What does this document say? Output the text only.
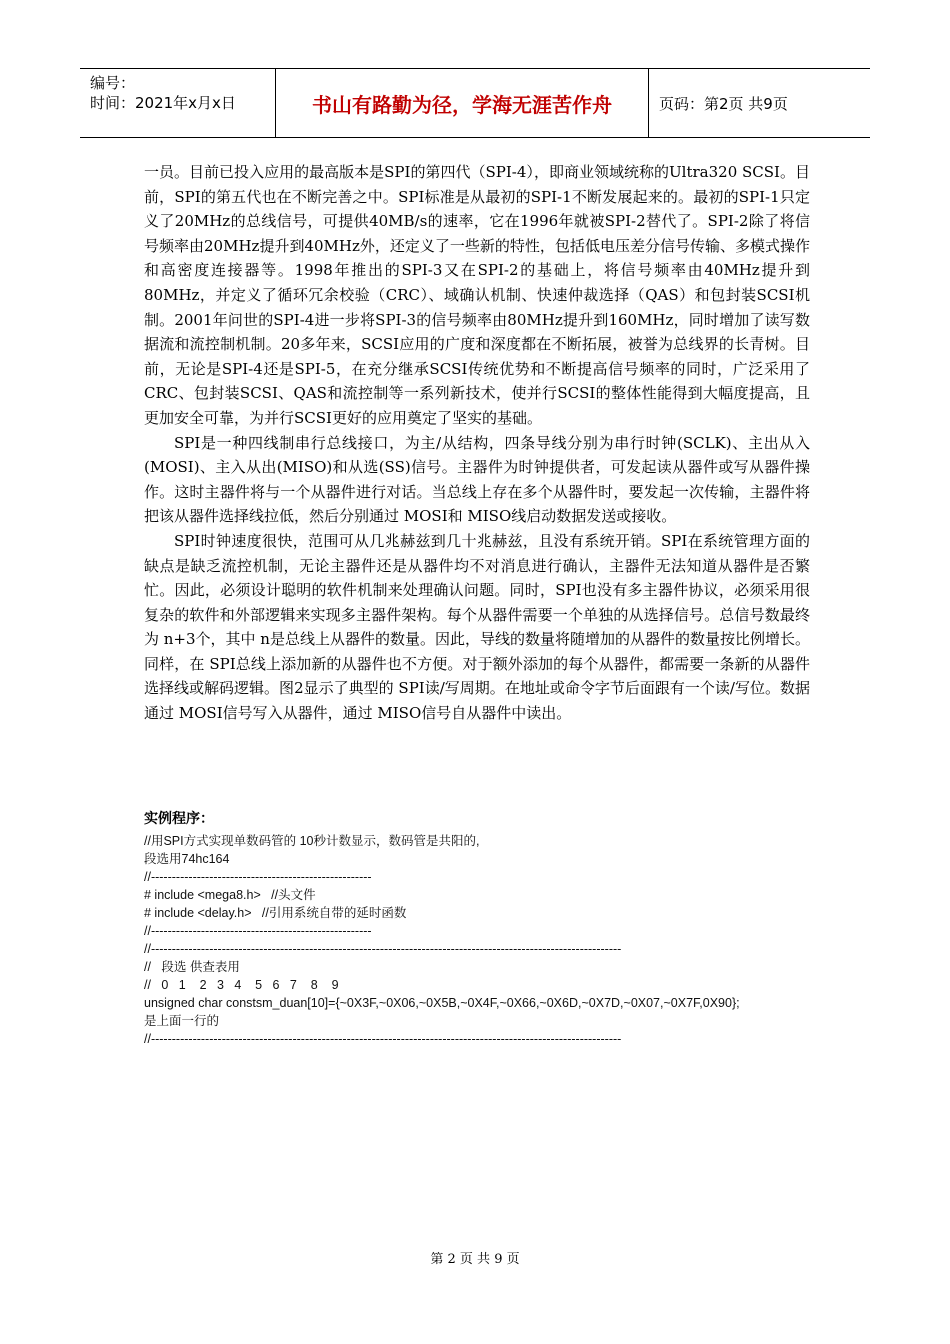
编号：
时间：2021年x月x日	书山有路勤为径，学海无涯苦作舟	页码：第2页 共9页

一员。目前已投入应用的最高版本是SPI的第四代（SPI-4），即商业领域统称的Ultra320 SCSI。目前，SPI的第五代也在不断完善之中。SPI标准是从最初的SPI-1不断发展起来的。最初的SPI-1只定义了20MHz的总线信号，可提供40MB/s的速率，它在1996年就被SPI-2替代了。SPI-2除了将信号频率由20MHz提升到40MHz外，还定义了一些新的特性，包括低电压差分信号传输、多模式操作和高密度连接器等。1998年推出的SPI-3又在SPI-2的基础上，将信号频率由40MHz提升到80MHz，并定义了循环冗余校验（CRC）、域确认机制、快速仲裁选择（QAS）和包封装SCSI机制。2001年问世的SPI-4进一步将SPI-3的信号频率由80MHz提升到160MHz，同时增加了读写数据流和流控制机制。20多年来，SCSI应用的广度和深度都在不断拓展，被誉为总线界的长青树。目前，无论是SPI-4还是SPI-5，在充分继承SCSI传统优势和不断提高信号频率的同时，广泛采用了CRC、包封装SCSI、QAS和流控制等一系列新技术，使并行SCSI的整体性能得到大幅度提高，且更加安全可靠，为并行SCSI更好的应用奠定了坚实的基础。

SPI是一种四线制串行总线接口，为主/从结构，四条导线分别为串行时钟(SCLK)、主出从入(MOSI)、主入从出(MISO)和从选(SS)信号。主器件为时钟提供者，可发起读从器件或写从器件操作。这时主器件将与一个从器件进行对话。当总线上存在多个从器件时，要发起一次传输，主器件将把该从器件选择线拉低，然后分别通过 MOSI和 MISO线启动数据发送或接收。

SPI时钟速度很快，范围可从几兆赫兹到几十兆赫兹，且没有系统开销。SPI在系统管理方面的缺点是缺乏流控机制，无论主器件还是从器件均不对消息进行确认，主器件无法知道从器件是否繁忙。因此，必须设计聪明的软件机制来处理确认问题。同时，SPI也没有多主器件协议，必须采用很复杂的软件和外部逻辑来实现多主器件架构。每个从器件需要一个单独的从选择信号。总信号数最终为 n+3个，其中 n是总线上从器件的数量。因此，导线的数量将随增加的从器件的数量按比例增长。同样，在 SPI总线上添加新的从器件也不方便。对于额外添加的每个从器件，都需要一条新的从器件选择线或解码逻辑。图2显示了典型的 SPI读/写周期。在地址或命令字节后面跟有一个读/写位。数据通过 MOSI信号写入从器件，通过 MISO信号自从器件中读出。

实例程序：
//用SPI方式实现单数码管的 10秒计数显示，数码管是共阳的,
段选用74hc164
//-----------------------------------------------------
# include <mega8.h>   //头文件
# include <delay.h>   //引用系统自带的延时函数
//-----------------------------------------------------
//-----------------------------------------------------------------------------------------------------------------
//   段选 供查表用
//   0   1    2   3   4    5   6   7    8    9
unsigned char constsm_duan[10]={~0X3F,~0X06,~0X5B,~0X4F,~0X66,~0X6D,~0X7D,~0X07,~0X7F,0X90};
是上面一行的
//-----------------------------------------------------------------------------------------------------------------
第 2 页 共 9 页
